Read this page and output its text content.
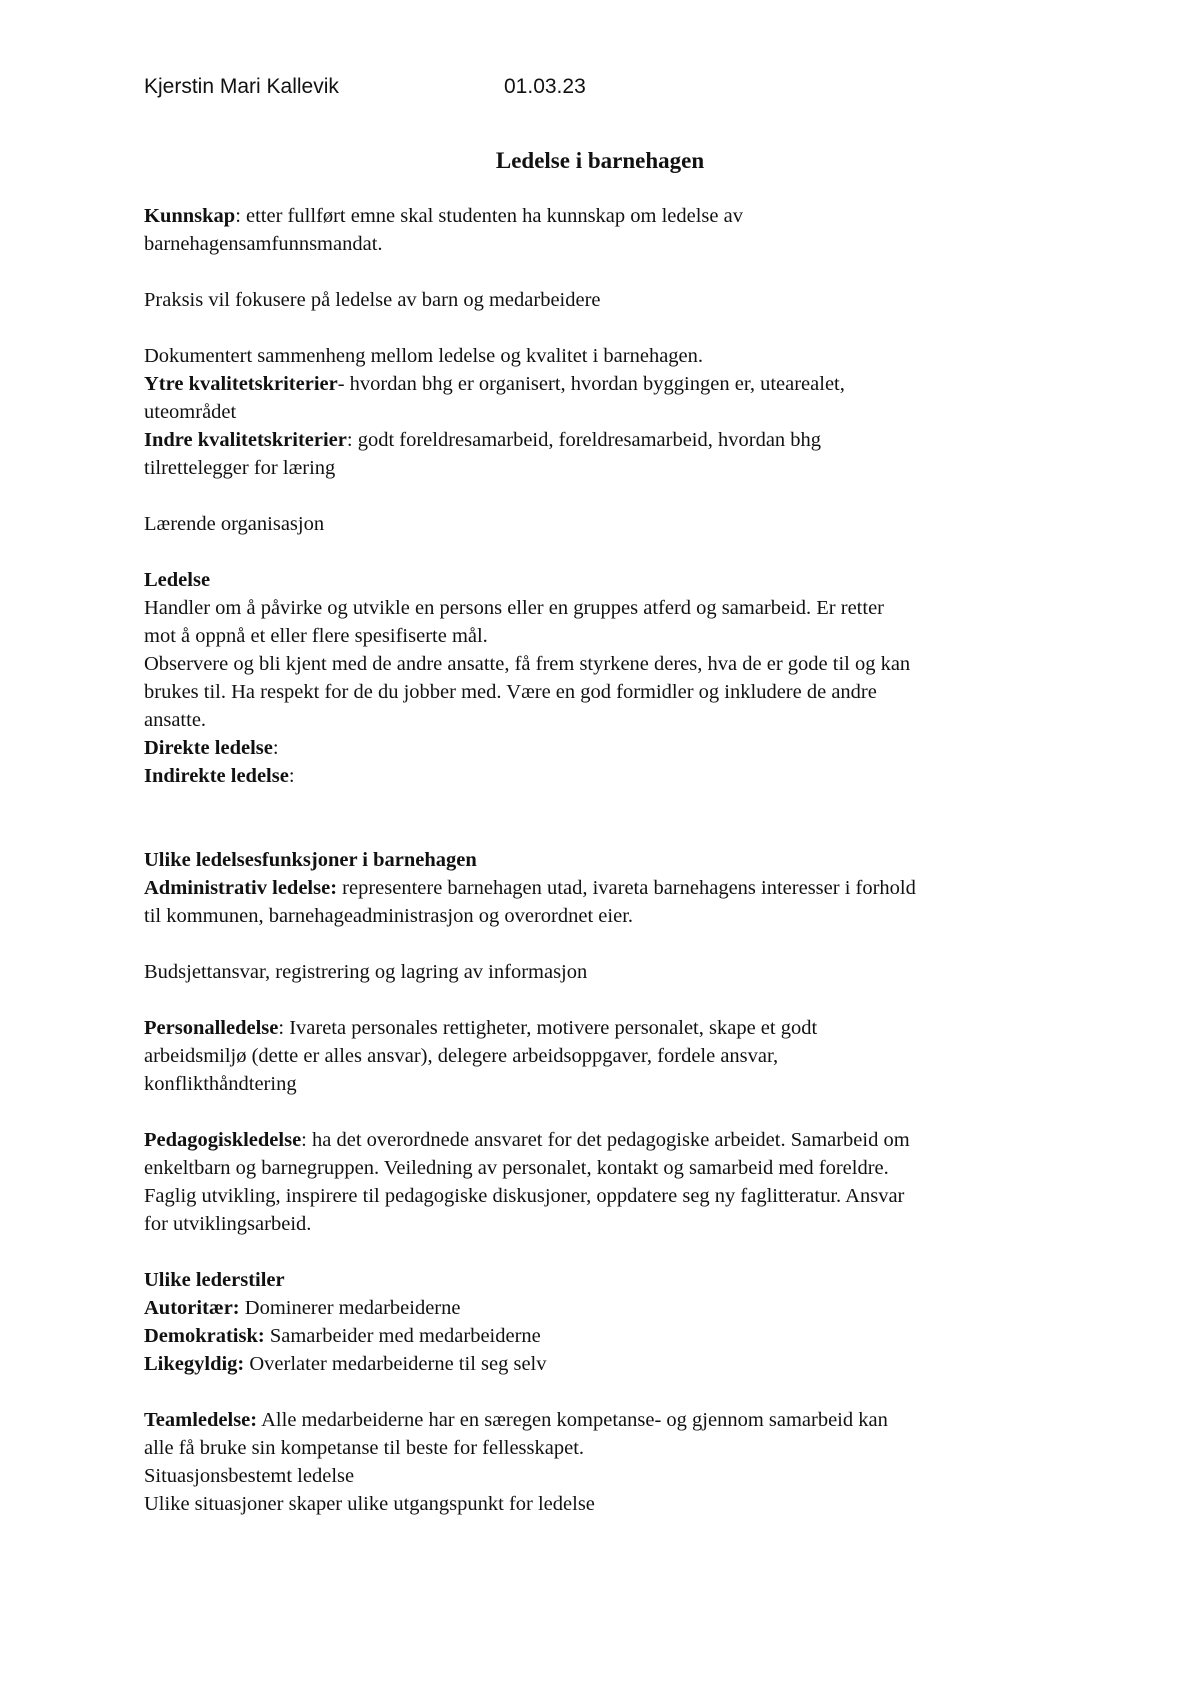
Kjerstin Mari Kallevik	01.03.23
Ledelse i barnehagen

Kunnskap: etter fullført emne skal studenten ha kunnskap om ledelse av

barnehagensamfunnsmandat.

Praksis vil fokusere på ledelse av barn og medarbeidere

Dokumentert sammenheng mellom ledelse og kvalitet i barnehagen.

Ytre kvalitetskriterier- hvordan bhg er organisert, hvordan byggingen er, utearealet,

uteområdet

Indre kvalitetskriterier: godt foreldresamarbeid, foreldresamarbeid, hvordan bhg

tilrettelegger for læring

Lærende organisasjon

Ledelse

Handler om å påvirke og utvikle en persons eller en gruppes atferd og samarbeid. Er retter

mot å oppnå et eller flere spesifiserte mål.

Observere og bli kjent med de andre ansatte, få frem styrkene deres, hva de er gode til og kan

brukes til. Ha respekt for de du jobber med. Være en god formidler og inkludere de andre

ansatte.

Direkte ledelse:

Indirekte ledelse:

Ulike ledelsesfunksjoner i barnehagen

Administrativ ledelse: representere barnehagen utad, ivareta barnehagens interesser i forhold

til kommunen, barnehageadministrasjon og overordnet eier.

Budsjettansvar, registrering og lagring av informasjon

Personalledelse: Ivareta personales rettigheter, motivere personalet, skape et godt

arbeidsmiljø (dette er alles ansvar), delegere arbeidsoppgaver, fordele ansvar,

konflikthåndtering

Pedagogiskledelse: ha det overordnede ansvaret for det pedagogiske arbeidet. Samarbeid om

enkeltbarn og barnegruppen. Veiledning av personalet, kontakt og samarbeid med foreldre.

Faglig utvikling, inspirere til pedagogiske diskusjoner, oppdatere seg ny faglitteratur. Ansvar

for utviklingsarbeid.

Ulike lederstiler

Autoritær: Dominerer medarbeiderne

Demokratisk: Samarbeider med medarbeiderne

Likegyldig: Overlater medarbeiderne til seg selv

Teamledelse: Alle medarbeiderne har en særegen kompetanse- og gjennom samarbeid kan

alle få bruke sin kompetanse til beste for fellesskapet.

Situasjonsbestemt ledelse

Ulike situasjoner skaper ulike utgangspunkt for ledelse
